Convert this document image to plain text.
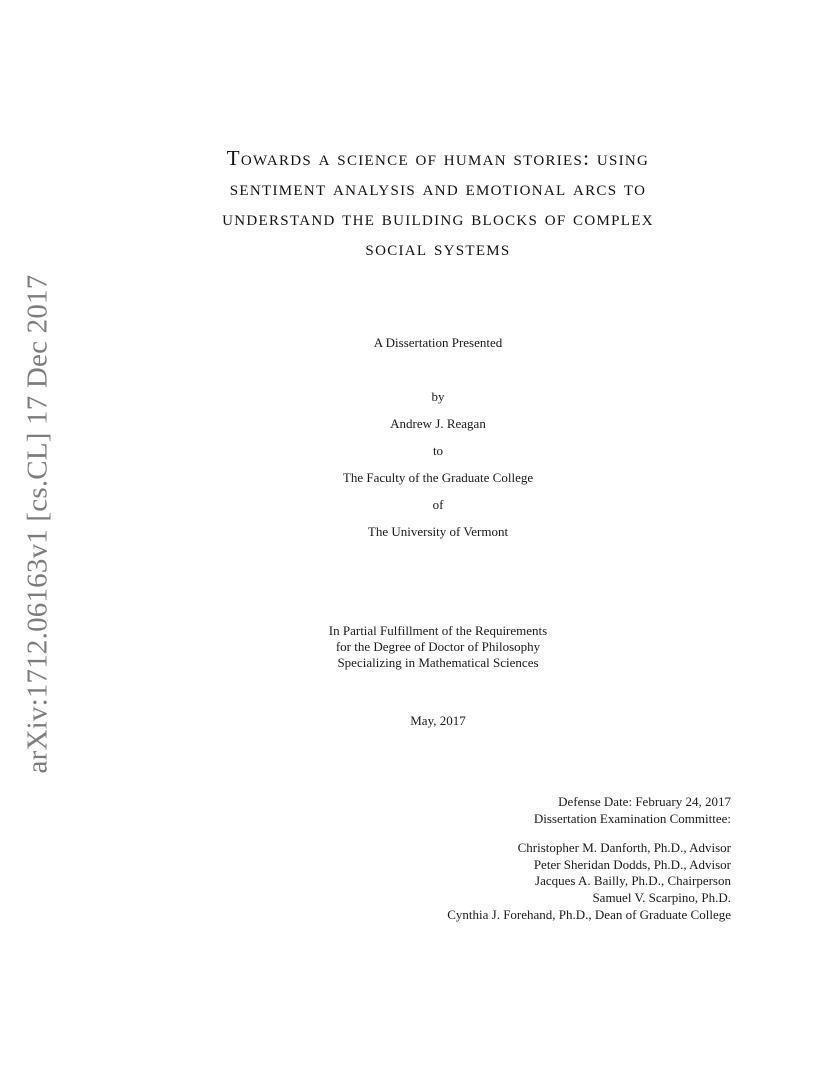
arXiv:1712.06163v1 [cs.CL] 17 Dec 2017
Towards a science of human stories: using
sentiment analysis and emotional arcs to
understand the building blocks of complex
social systems
A Dissertation Presented
by
Andrew J. Reagan
to
The Faculty of the Graduate College
of
The University of Vermont
In Partial Fulfillment of the Requirements
for the Degree of Doctor of Philosophy
Specializing in Mathematical Sciences
May, 2017
Defense Date: February 24, 2017
Dissertation Examination Committee:
Christopher M. Danforth, Ph.D., Advisor
Peter Sheridan Dodds, Ph.D., Advisor
Jacques A. Bailly, Ph.D., Chairperson
Samuel V. Scarpino, Ph.D.
Cynthia J. Forehand, Ph.D., Dean of Graduate College
